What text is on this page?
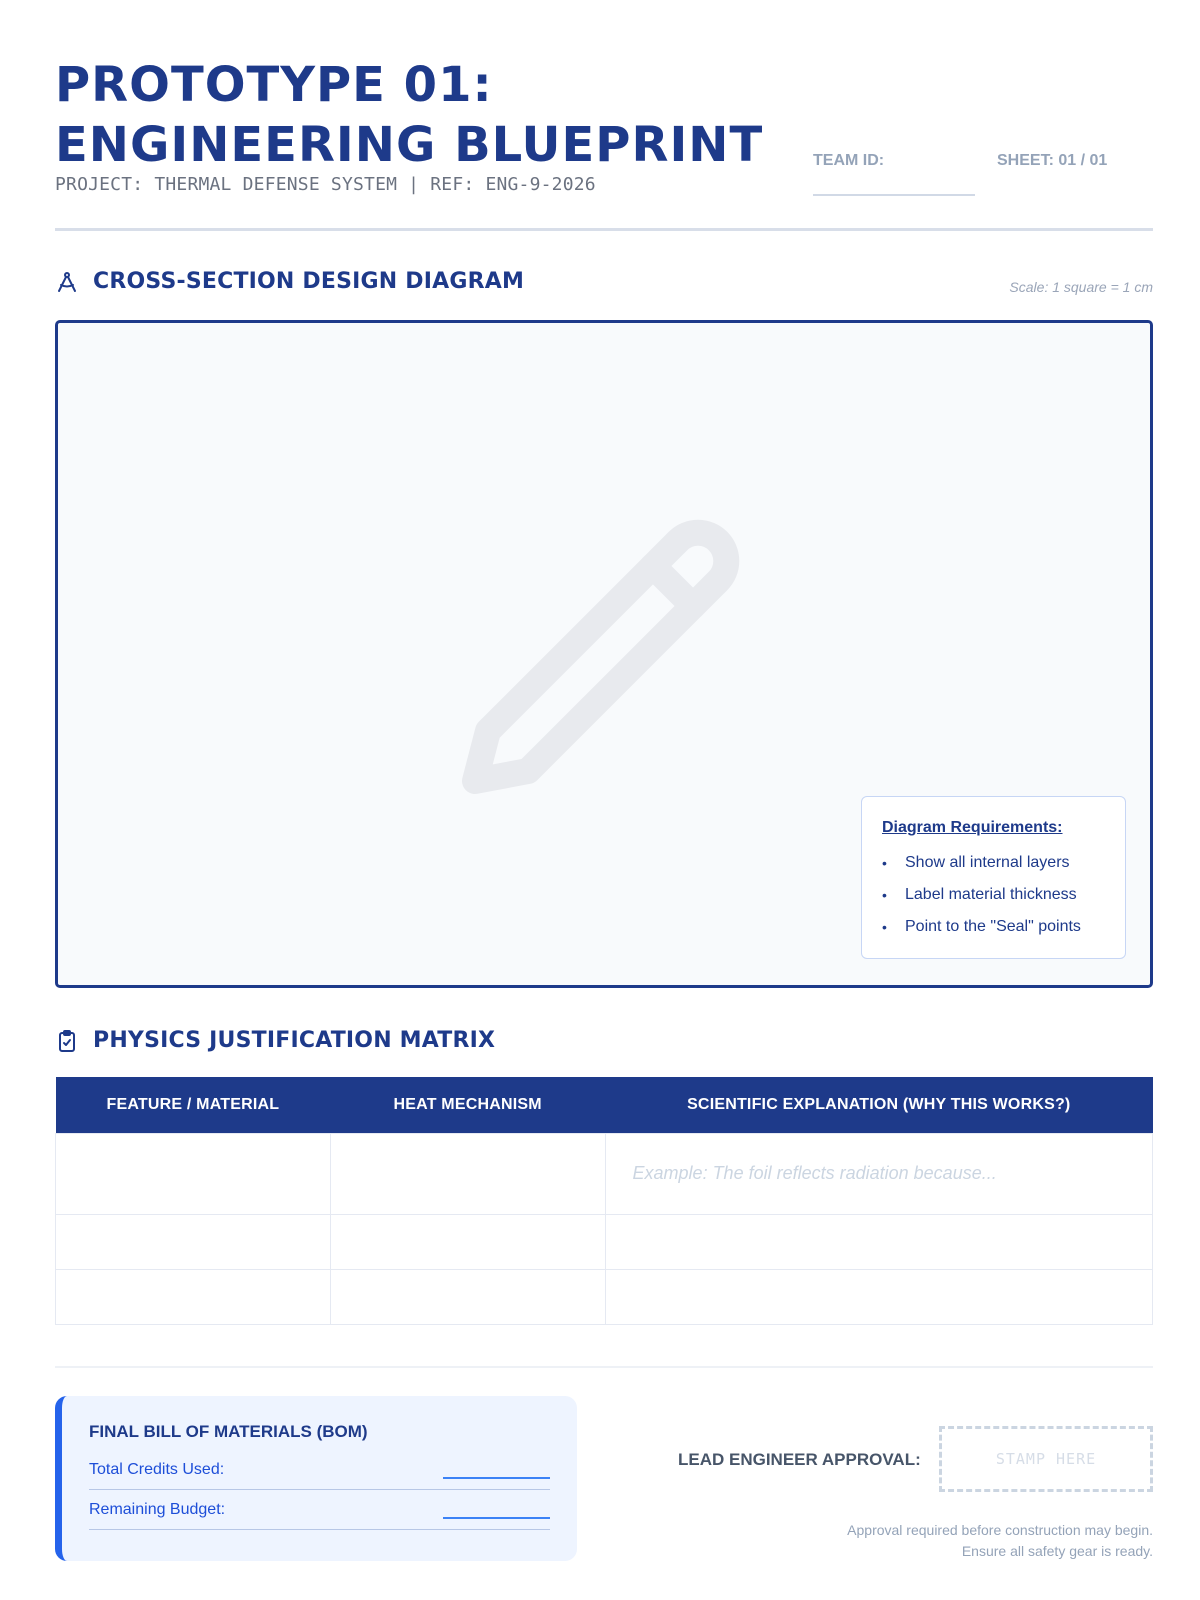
PROTOTYPE 01:
ENGINEERING BLUEPRINT
PROJECT: THERMAL DEFENSE SYSTEM | REF: ENG-9-2026
TEAM ID:	SHEET: 01 / 01
CROSS-SECTION DESIGN DIAGRAM	Scale: 1 square = 1 cm
Diagram Requirements:
• Show all internal layers
• Label material thickness
• Point to the "Seal" points
PHYSICS JUSTIFICATION MATRIX
FEATURE / MATERIAL	HEAT MECHANISM	SCIENTIFIC EXPLANATION (WHY THIS WORKS?)
		Example: The foil reflects radiation because...

FINAL BILL OF MATERIALS (BOM)
Total Credits Used:
Remaining Budget:
LEAD ENGINEER APPROVAL:	STAMP HERE
Approval required before construction may begin.
Ensure all safety gear is ready.
